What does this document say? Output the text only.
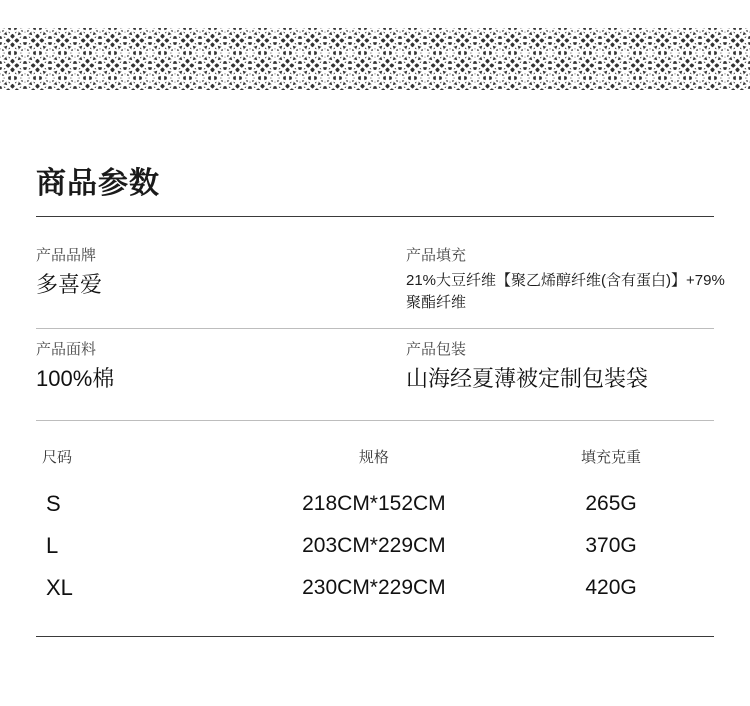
商品参数
产品品牌
多喜爱
产品填充
21%大豆纤维【聚乙烯醇纤维(含有蛋白)】+79%聚酯纤维
产品面料
100%棉
产品包装
山海经夏薄被定制包装袋
尺码	规格	填充克重
S	218CM*152CM	265G
L	203CM*229CM	370G
XL	230CM*229CM	420G
